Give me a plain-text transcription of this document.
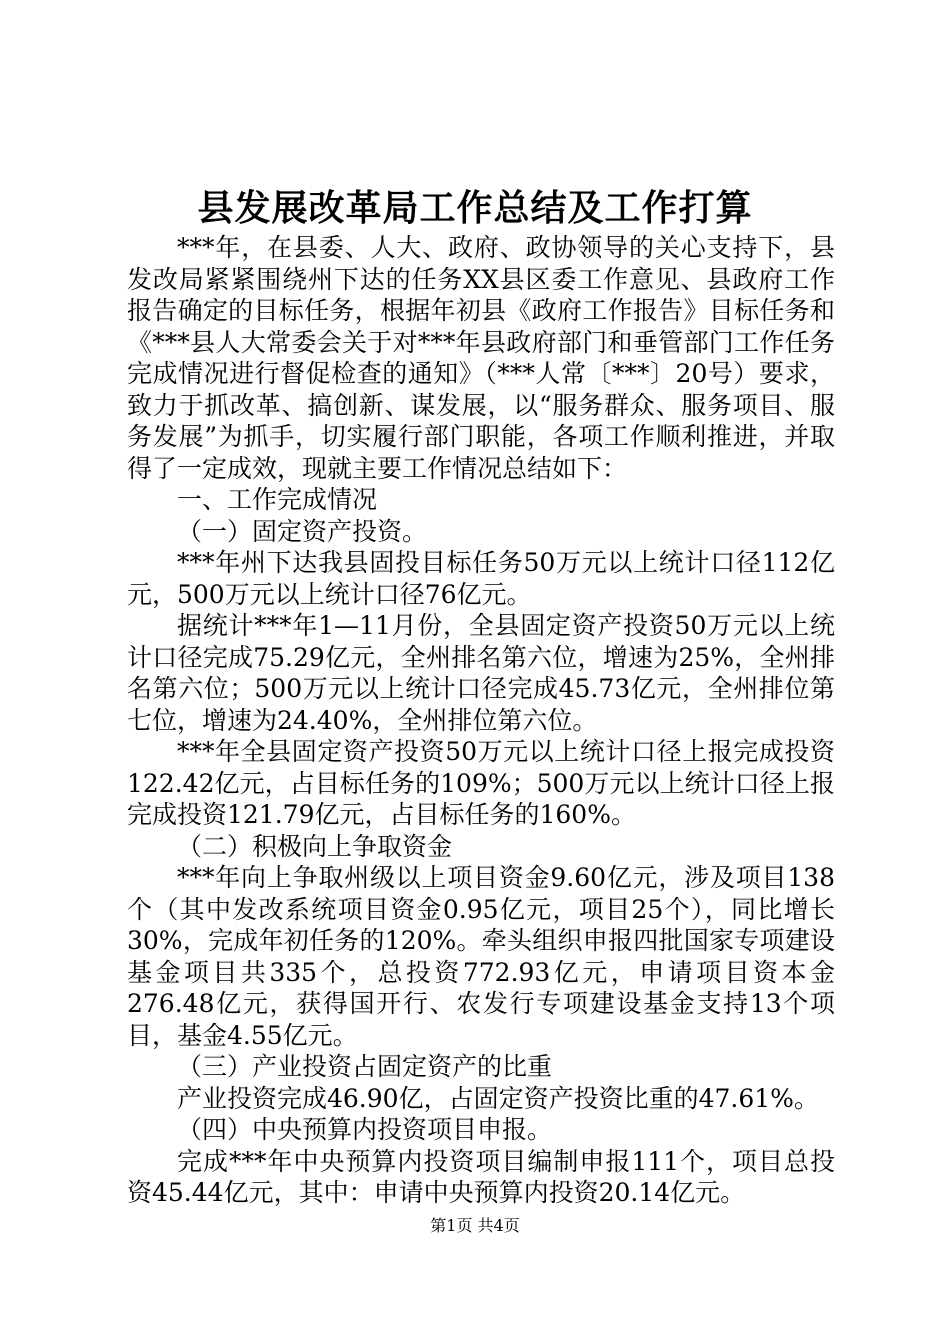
县发展改革局工作总结及工作打算

***年，在县委、人大、政府、政协领导的关心支持下，县发改局紧紧围绕州下达的任务XX县区委工作意见、县政府工作报告确定的目标任务，根据年初县《政府工作报告》目标任务和《***县人大常委会关于对***年县政府部门和垂管部门工作任务完成情况进行督促检查的通知》（***人常〔***〕20号）要求，致力于抓改革、搞创新、谋发展，以“服务群众、服务项目、服务发展”为抓手，切实履行部门职能，各项工作顺利推进，并取得了一定成效，现就主要工作情况总结如下：

一、工作完成情况

（一）固定资产投资。

***年州下达我县固投目标任务50万元以上统计口径112亿元，500万元以上统计口径76亿元。

据统计***年1—11月份，全县固定资产投资50万元以上统计口径完成75.29亿元，全州排名第六位，增速为25%，全州排名第六位；500万元以上统计口径完成45.73亿元，全州排位第七位，增速为24.40%，全州排位第六位。

***年全县固定资产投资50万元以上统计口径上报完成投资122.42亿元，占目标任务的109%；500万元以上统计口径上报完成投资121.79亿元，占目标任务的160%。

（二）积极向上争取资金

***年向上争取州级以上项目资金9.60亿元，涉及项目138个（其中发改系统项目资金0.95亿元，项目25个），同比增长30%，完成年初任务的120%。牵头组织申报四批国家专项建设基金项目共335个，总投资772.93亿元，申请项目资本金276.48亿元，获得国开行、农发行专项建设基金支持13个项目，基金4.55亿元。

（三）产业投资占固定资产的比重

产业投资完成46.90亿，占固定资产投资比重的47.61%。

（四）中央预算内投资项目申报。

完成***年中央预算内投资项目编制申报111个，项目总投资45.44亿元，其中：申请中央预算内投资20.14亿元。

第1页 共4页
